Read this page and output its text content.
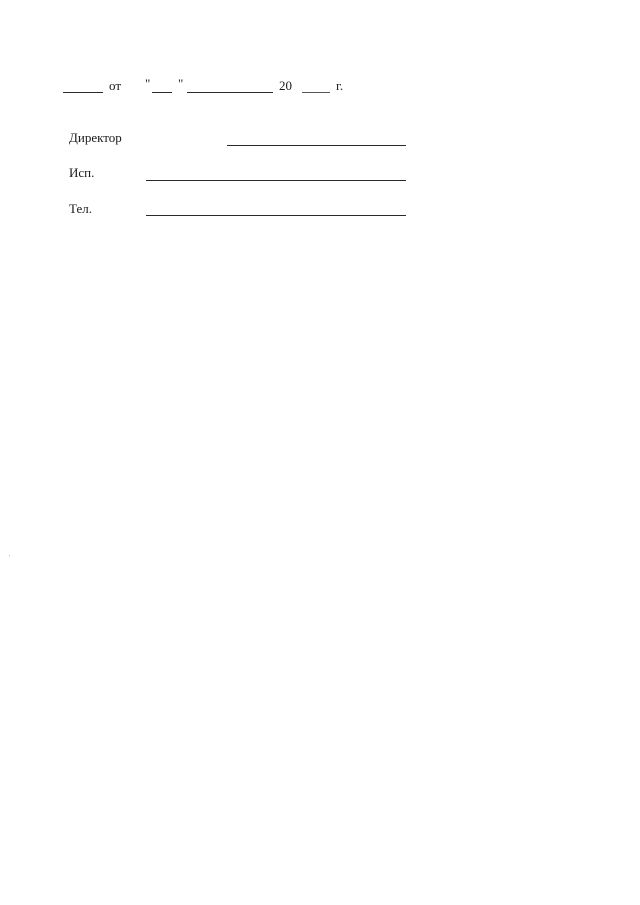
от " "	20	г.
Директор
Исп.
Тел.
